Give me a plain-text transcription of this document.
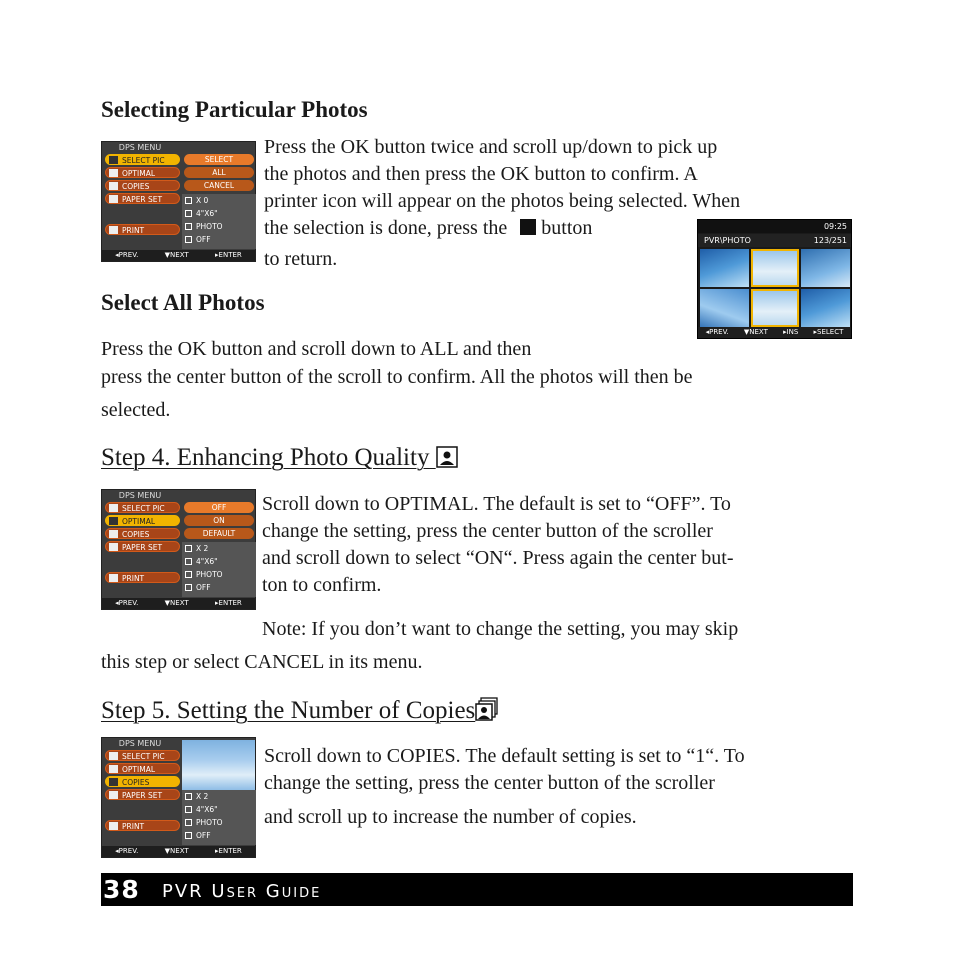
Selecting Particular Photos
DPS MENU
SELECT PIC
OPTIMAL
COPIES
PAPER SET
PRINT
SELECT
ALL
CANCEL
X 0
4"X6"
PHOTO
OFF
◂PREV.	▼NEXT	▸ENTER
Press the OK button twice and scroll up/down to pick up
the photos and then press the OK button to confirm. A
printer icon will appear on the photos being selected. When
the selection is done, press the button
to return.
09:25
PVR\PHOTO	123/251
◂PREV. ▼NEXT ▸INS ▸SELECT
Select All Photos
Press the OK button and scroll down to ALL and then
press the center button of the scroll to confirm. All the photos will then be
selected.
Step 4. Enhancing Photo Quality
DPS MENU
SELECT PIC
OPTIMAL
COPIES
PAPER SET
PRINT
OFF
ON
DEFAULT
X 2
4"X6"
PHOTO
OFF
◂PREV.	▼NEXT	▸ENTER
Scroll down to OPTIMAL. The default is set to “OFF”. To
change the setting, press the center button of the scroller
and scroll down to select “ON“. Press again the center but-
ton to confirm.
Note: If you don’t want to change the setting, you may skip
this step or select CANCEL in its menu.
Step 5. Setting the Number of Copies
DPS MENU
SELECT PIC
OPTIMAL
COPIES
PAPER SET
PRINT
X 2
4"X6"
PHOTO
OFF
◂PREV.	▼NEXT	▸ENTER
Scroll down to COPIES. The default setting is set to “1“. To
change the setting, press the center button of the scroller
and scroll up to increase the number of copies.
38 PVR User Guide
